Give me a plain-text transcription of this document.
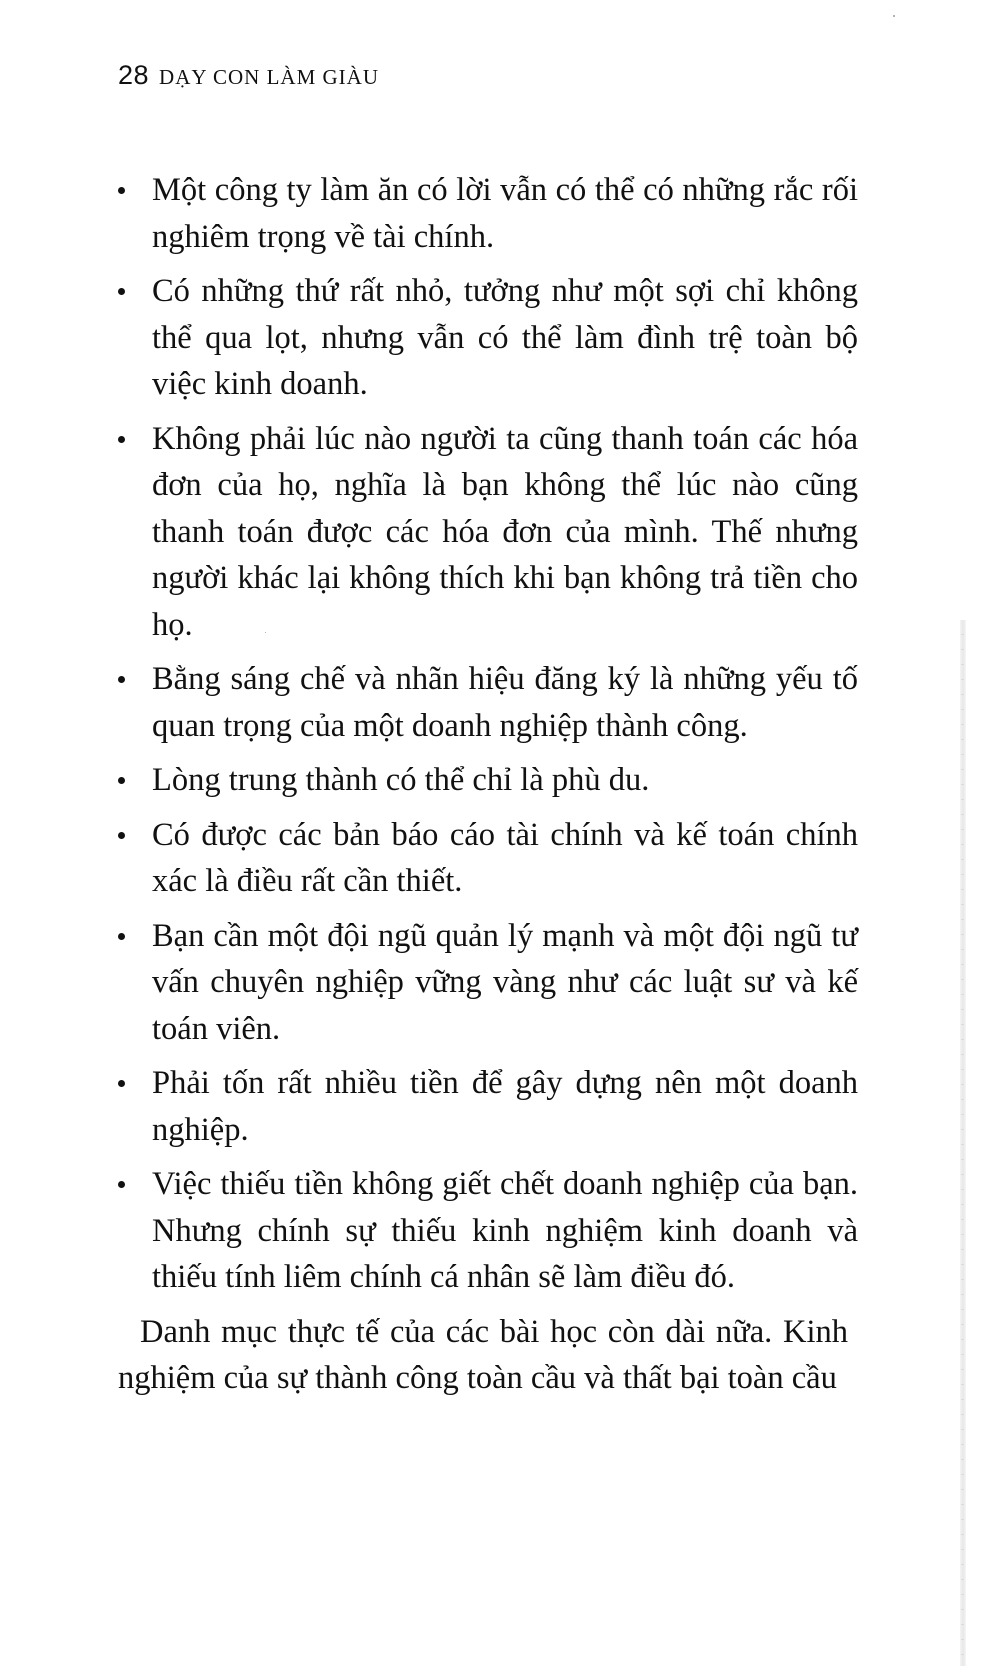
28 DẠY CON LÀM GIÀU
Một công ty làm ăn có lời vẫn có thể có những rắc rối nghiêm trọng về tài chính.
Có những thứ rất nhỏ, tưởng như một sợi chỉ không thể qua lọt, nhưng vẫn có thể làm đình trệ toàn bộ việc kinh doanh.
Không phải lúc nào người ta cũng thanh toán các hóa đơn của họ, nghĩa là bạn không thể lúc nào cũng thanh toán được các hóa đơn của mình. Thế nhưng người khác lại không thích khi bạn không trả tiền cho họ.
Bằng sáng chế và nhãn hiệu đăng ký là những yếu tố quan trọng của một doanh nghiệp thành công.
Lòng trung thành có thể chỉ là phù du.
Có được các bản báo cáo tài chính và kế toán chính xác là điều rất cần thiết.
Bạn cần một đội ngũ quản lý mạnh và một đội ngũ tư vấn chuyên nghiệp vững vàng như các luật sư và kế toán viên.
Phải tốn rất nhiều tiền để gây dựng nên một doanh nghiệp.
Việc thiếu tiền không giết chết doanh nghiệp của bạn. Nhưng chính sự thiếu kinh nghiệm kinh doanh và thiếu tính liêm chính cá nhân sẽ làm điều đó.

Danh mục thực tế của các bài học còn dài nữa. Kinh nghiệm của sự thành công toàn cầu và thất bại toàn cầu
